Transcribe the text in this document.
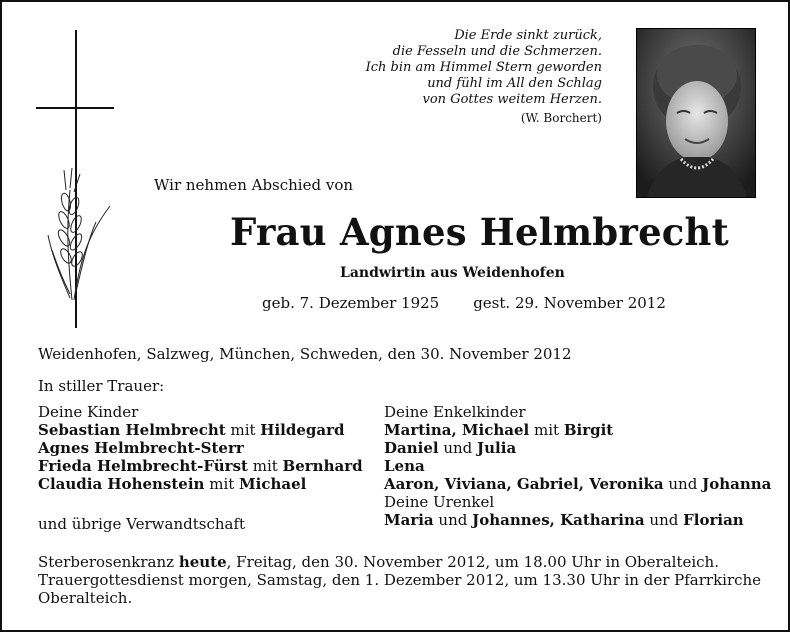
Die Erde sinkt zurück,
die Fesseln und die Schmerzen.
Ich bin am Himmel Stern geworden
und fühl im All den Schlag
von Gottes weitem Herzen.
(W. Borchert)
Wir nehmen Abschied von
Frau Agnes Helmbrecht
Landwirtin aus Weidenhofen
geb. 7. Dezember 1925 gest. 29. November 2012
Weidenhofen, Salzweg, München, Schweden, den 30. November 2012
In stiller Trauer:
Deine Kinder
Sebastian Helmbrecht mit Hildegard
Agnes Helmbrecht-Sterr
Frieda Helmbrecht-Fürst mit Bernhard
Claudia Hohenstein mit Michael
Deine Enkelkinder
Martina, Michael mit Birgit
Daniel und Julia
Lena
Aaron, Viviana, Gabriel, Veronika und Johanna
Deine Urenkel
Maria und Johannes, Katharina und Florian
und übrige Verwandtschaft
Sterberosenkranz heute, Freitag, den 30. November 2012, um 18.00 Uhr in Oberalteich.
Trauergottesdienst morgen, Samstag, den 1. Dezember 2012, um 13.30 Uhr in der Pfarrkirche
Oberalteich.
